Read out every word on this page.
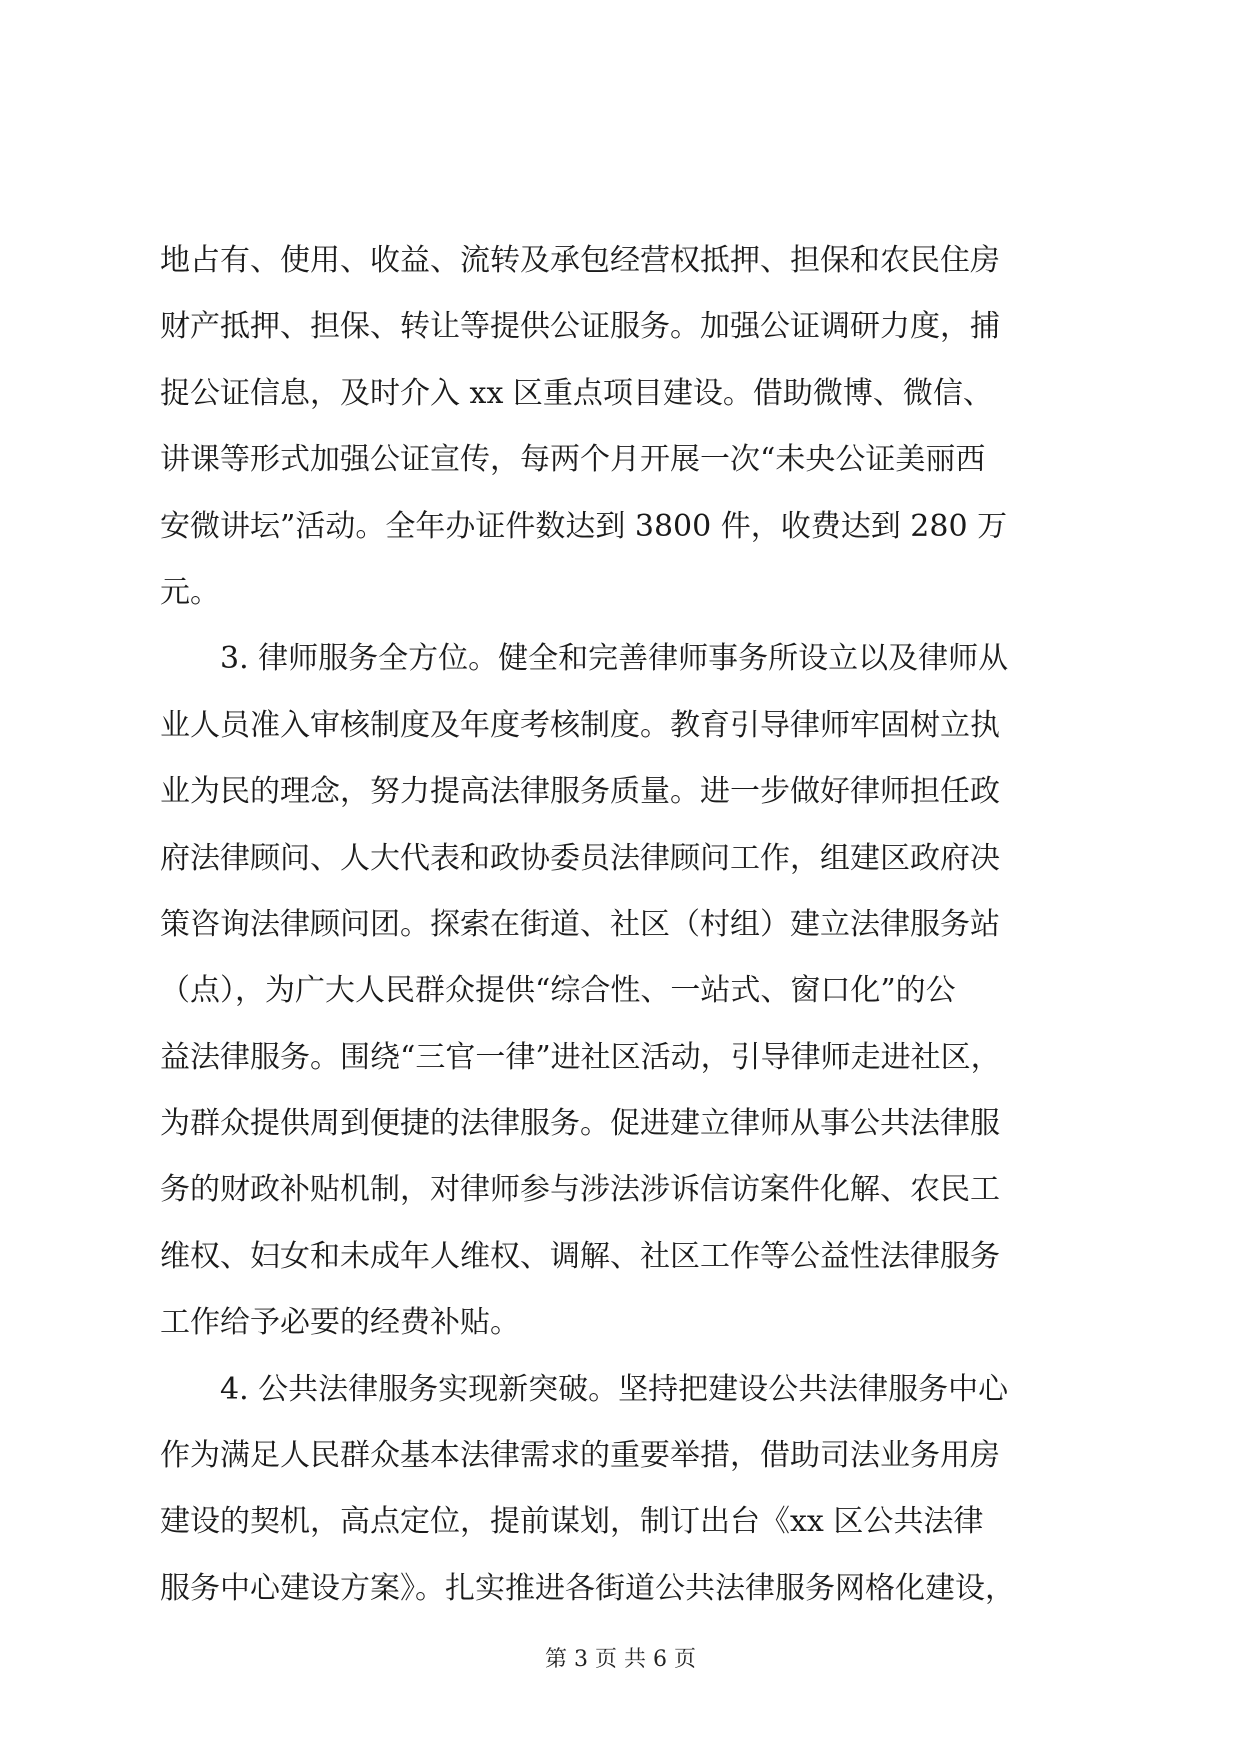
地占有、使用、收益、流转及承包经营权抵押、担保和农民住房
财产抵押、担保、转让等提供公证服务。加强公证调研力度，捕
捉公证信息，及时介入 xx 区重点项目建设。借助微博、微信、
讲课等形式加强公证宣传，每两个月开展一次“未央公证美丽西
安微讲坛”活动。全年办证件数达到 3800 件，收费达到 280 万
元。
　　3. 律师服务全方位。健全和完善律师事务所设立以及律师从
业人员准入审核制度及年度考核制度。教育引导律师牢固树立执
业为民的理念，努力提高法律服务质量。进一步做好律师担任政
府法律顾问、人大代表和政协委员法律顾问工作，组建区政府决
策咨询法律顾问团。探索在街道、社区（村组）建立法律服务站
（点），为广大人民群众提供“综合性、一站式、窗口化”的公
益法律服务。围绕“三官一律”进社区活动，引导律师走进社区，
为群众提供周到便捷的法律服务。促进建立律师从事公共法律服
务的财政补贴机制，对律师参与涉法涉诉信访案件化解、农民工
维权、妇女和未成年人维权、调解、社区工作等公益性法律服务
工作给予必要的经费补贴。
　　4. 公共法律服务实现新突破。坚持把建设公共法律服务中心
作为满足人民群众基本法律需求的重要举措，借助司法业务用房
建设的契机，高点定位，提前谋划，制订出台《xx 区公共法律
服务中心建设方案》。扎实推进各街道公共法律服务网格化建设，
第 3 页 共 6 页
